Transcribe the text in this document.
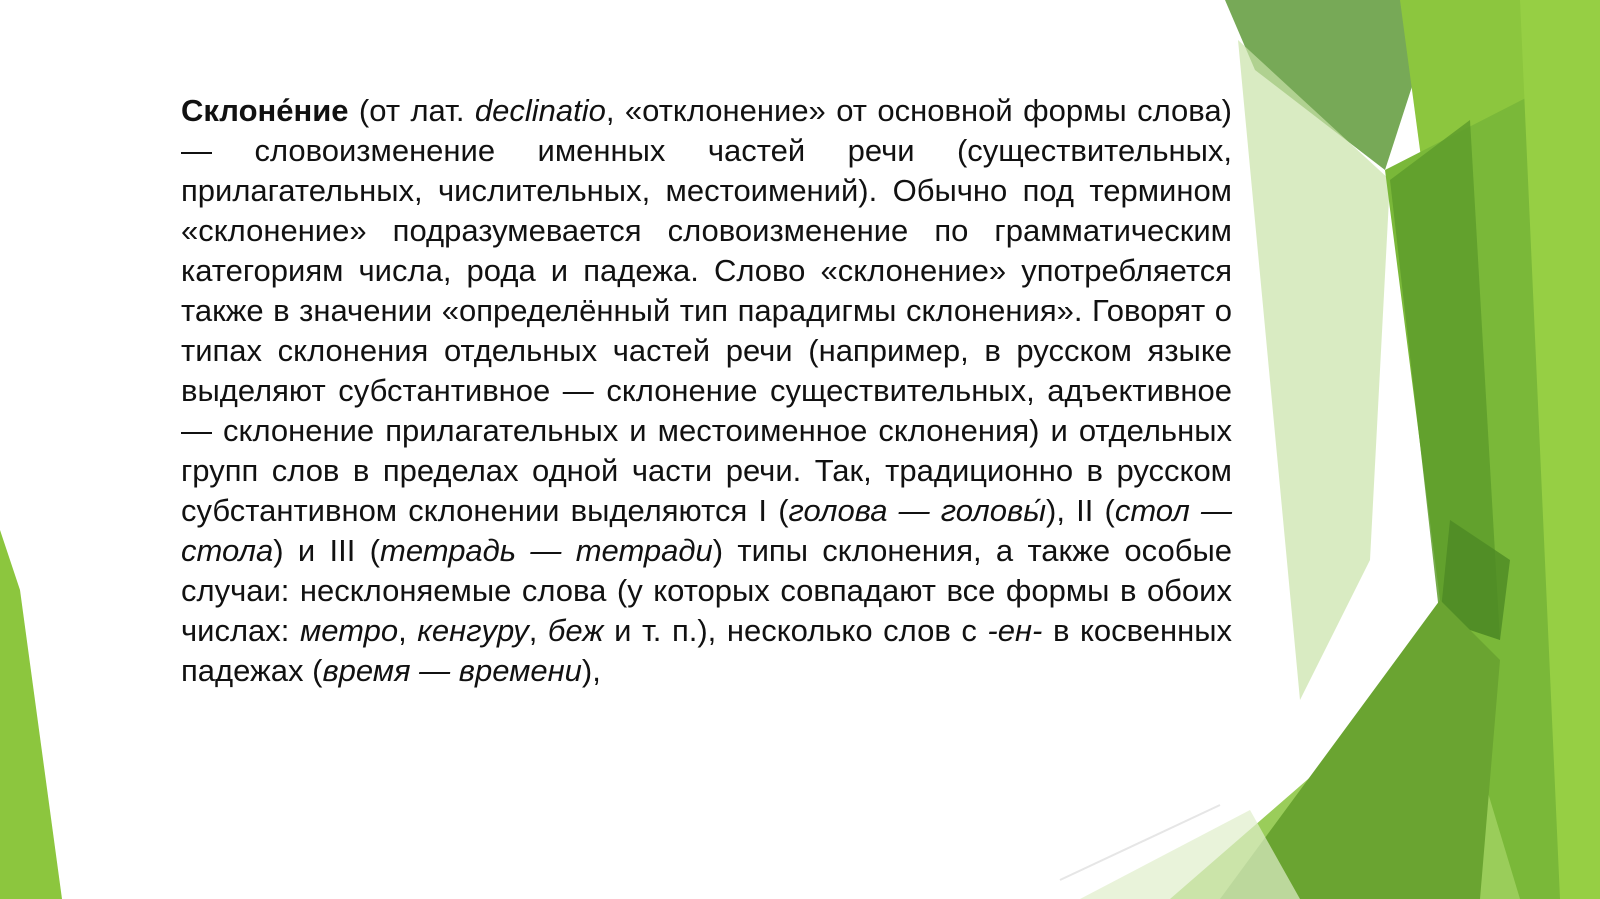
Склоне́ние (от лат. declinatio, «отклонение» от основной формы слова) — словоизменение именных частей речи (существительных, прилагательных, числительных, местоимений). Обычно под термином «склонение» подразумевается словоизменение по грамматическим категориям числа, рода и падежа. Слово «склонение» употребляется также в значении «определённый тип парадигмы склонения». Говорят о типах склонения отдельных частей речи (например, в русском языке выделяют субстантивное — склонение существительных, адъективное — склонение прилагательных и местоименное склонения) и отдельных групп слов в пределах одной части речи. Так, традиционно в русском субстантивном склонении выделяются I (голова — головы́), II (стол — стола) и III (тетрадь — тетради) типы склонения, а также особые случаи: несклоняемые слова (у которых совпадают все формы в обоих числах: метро, кенгуру, беж и т. п.), несколько слов с -ен- в косвенных падежах (время — времени),
